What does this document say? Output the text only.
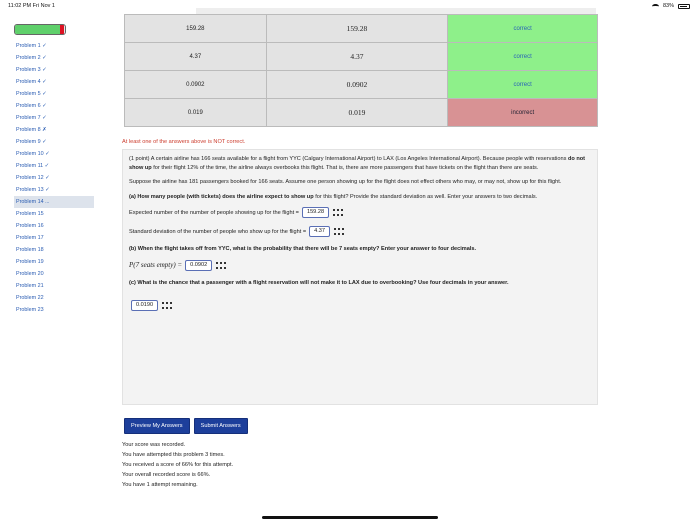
11:02 PM Fri Nov 1	83%
Problem 1 ✓
Problem 2 ✓
Problem 3 ✓
Problem 4 ✓
Problem 5 ✓
Problem 6 ✓
Problem 7 ✓
Problem 8 ✗
Problem 9 ✓
Problem 10 ✓
Problem 11 ✓
Problem 12 ✓
Problem 13 ✓
Problem 14 ...
Problem 15
Problem 16
Problem 17
Problem 18
Problem 19
Problem 20
Problem 21
Problem 22
Problem 23
159.28	159.28	correct
4.37	4.37	correct
0.0902	0.0902	correct
0.019	0.019	incorrect
At least one of the answers above is NOT correct.

(1 point) A certain airline has 166 seats available for a flight from YYC (Calgary International Airport) to LAX (Los Angeles International Airport). Because people with reservations do not show up for their flight 12% of the time, the airline always overbooks this flight. That is, there are more passengers that have tickets on the flight than there are seats.

Suppose the airline has 181 passengers booked for 166 seats. Assume one person showing up for the flight does not effect others who may, or may not, show up for this flight.

(a) How many people (with tickets) does the airline expect to show up for this flight? Provide the standard deviation as well. Enter your answers to two decimals.

Expected number of the number of people showing up for the flight =	159.28
Standard deviation of the number of people who show up for the flight =	4.37

(b) When the flight takes off from YYC, what is the probability that there will be 7 seats empty? Enter your answer to four decimals.

P(7 seats empty) =	0.0902

(c) What is the chance that a passenger with a flight reservation will not make it to LAX due to overbooking? Use four decimals in your answer.

0.0190
Preview My Answers	Submit Answers
Your score was recorded.
You have attempted this problem 3 times.
You received a score of 66% for this attempt.
Your overall recorded score is 66%.
You have 1 attempt remaining.
